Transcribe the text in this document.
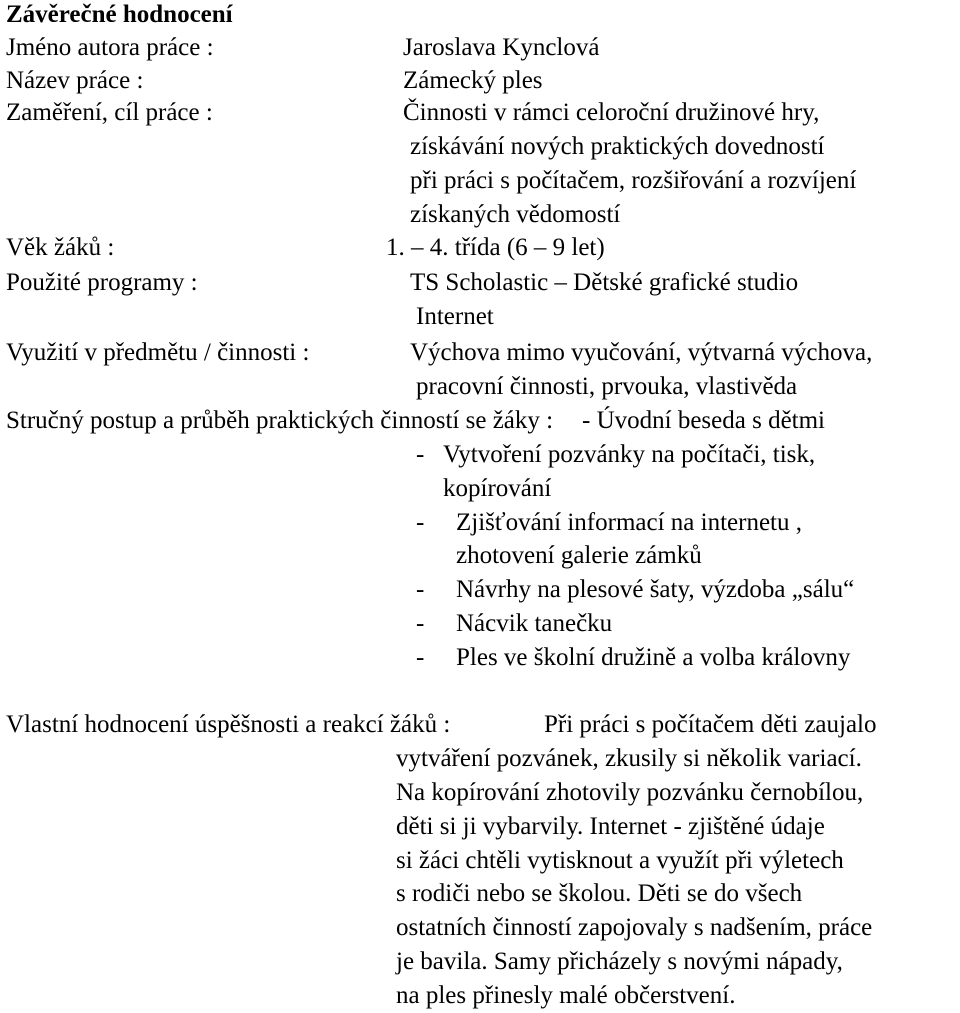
Závěrečné hodnocení
Jméno autora práce :	Jaroslava Kynclová
Název práce :	Zámecký ples
Zaměření, cíl práce :	Činnosti v rámci celoroční družinové hry,
získávání nových praktických dovedností
při práci s počítačem, rozšiřování a rozvíjení
získaných vědomostí
Věk žáků :	1. – 4. třída (6 – 9 let)
Použité programy :	TS Scholastic – Dětské grafické studio
Internet
Využití v předmětu / činnosti :	Výchova mimo vyučování, výtvarná výchova,
pracovní činnosti, prvouka, vlastivěda
Stručný postup a průběh praktických činností se žáky : - Úvodní beseda s dětmi
- Vytvoření pozvánky na počítači, tisk,
kopírování
- Zjišťování informací na internetu ,
zhotovení galerie zámků
- Návrhy na plesové šaty, výzdoba „sálu“
- Nácvik tanečku
- Ples ve školní družině a volba královny
Vlastní hodnocení úspěšnosti a reakcí žáků :	Při práci s počítačem děti zaujalo
vytváření pozvánek, zkusily si několik variací.
Na kopírování zhotovily pozvánku černobílou,
děti si ji vybarvily. Internet - zjištěné údaje
si žáci chtěli vytisknout a využít při výletech
s rodiči nebo se školou. Děti se do všech
ostatních činností zapojovaly s nadšením, práce
je bavila. Samy přicházely s novými nápady,
na ples přinesly malé občerstvení.
